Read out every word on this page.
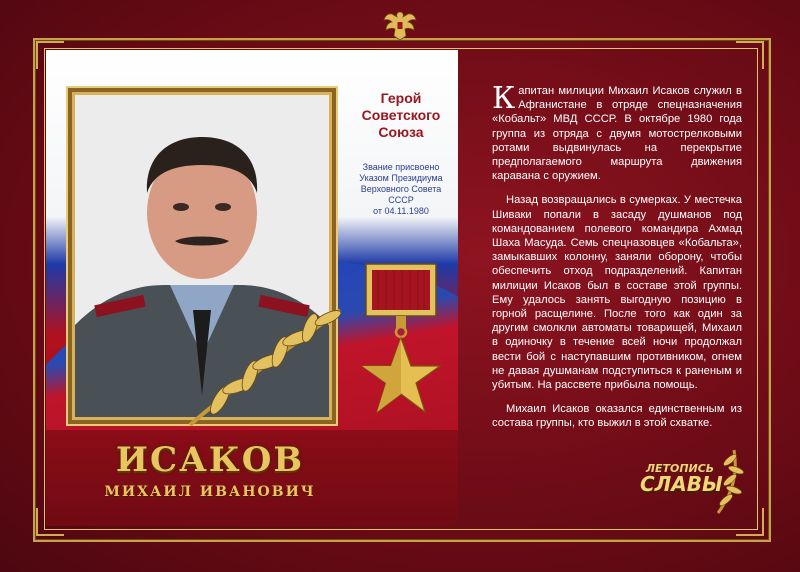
Герой
Советского
Союза
Звание присвоено
Указом Президиума
Верховного Совета СССР
от 04.11.1980
ИСАКОВ
МИХАИЛ ИВАНОВИЧ

Капитан милиции Михаил Исаков служил в Афганистане в отряде спецназначения «Кобальт» МВД СССР. В октябре 1980 года группа из отряда с двумя мотострелковыми ротами выдвинулась на перекрытие предполагаемого маршрута движения каравана с оружием.

Назад возвращались в сумерках. У местечка Шиваки попали в засаду душманов под командованием полевого командира Ахмад Шаха Масуда. Семь спецназовцев «Кобальта», замыкавших колонну, заняли оборону, чтобы обеспечить отход подразделений. Капитан милиции Исаков был в составе этой группы. Ему удалось занять выгодную позицию в горной расщелине. После того как один за другим смолкли автоматы товарищей, Михаил в одиночку в течение всей ночи продолжал вести бой с наступавшим противником, огнем не давая душманам подступиться к раненым и убитым. На рассвете прибыла помощь.

Михаил Исаков оказался единственным из состава группы, кто выжил в этой схватке.

ЛЕТОПИСЬ
СЛАВЫ
